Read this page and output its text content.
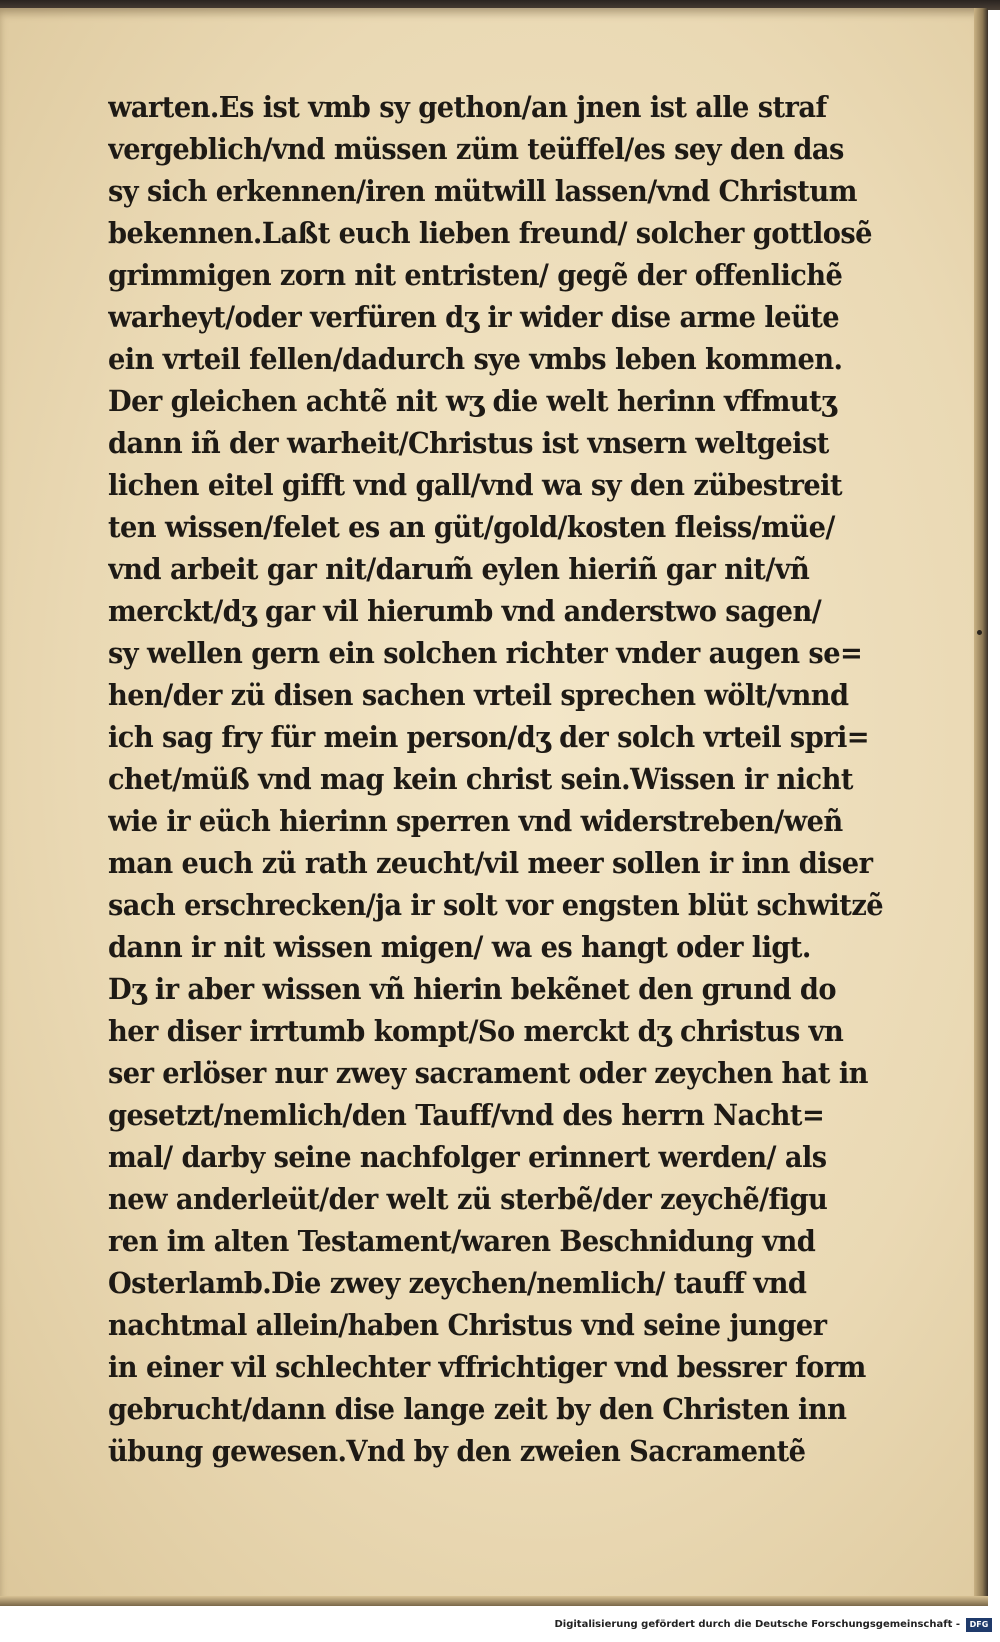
warten.Es ist vmb sy gethon/an jnen ist alle straf
vergeblich/vnd müssen züm teüffel/es sey den das
sy sich erkennen/iren mütwill lassen/vnd Christum
bekennen.Laßt euch lieben freund/ solcher gottlosẽ
grimmigen zorn nit entristen/ gegẽ der offenlichẽ
warheyt/oder verfüren dʒ ir wider dise arme leüte
ein vrteil fellen/dadurch sye vmbs leben kommen.
Der gleichen achtẽ nit wʒ die welt herinn vffmutʒ
dann iñ der warheit/Christus ist vnsern weltgeist
lichen eitel gifft vnd gall/vnd wa sy den zübestreit
ten wissen/felet es an güt/gold/kosten fleiss/müe/
vnd arbeit gar nit/darum̃ eylen hieriñ gar nit/vñ
merckt/dʒ gar vil hierumb vnd anderstwo sagen/
sy wellen gern ein solchen richter vnder augen se=
hen/der zü disen sachen vrteil sprechen wölt/vnnd
ich sag fry für mein person/dʒ der solch vrteil spri=
chet/müß vnd mag kein christ sein.Wissen ir nicht
wie ir eüch hierinn sperren vnd widerstreben/weñ
man euch zü rath zeucht/vil meer sollen ir inn diser
sach erschrecken/ja ir solt vor engsten blüt schwitzẽ
dann ir nit wissen migen/ wa es hangt oder ligt.
Dʒ ir aber wissen vñ hierin bekẽnet den grund do
her diser irrtumb kompt/So merckt dʒ christus vn
ser erlöser nur zwey sacrament oder zeychen hat in
gesetzt/nemlich/den Tauff/vnd des herrn Nacht=
mal/ darby seine nachfolger erinnert werden/ als
new anderleüt/der welt zü sterbẽ/der zeychẽ/figu
ren im alten Testament/waren Beschnidung vnd
Osterlamb.Die zwey zeychen/nemlich/ tauff vnd
nachtmal allein/haben Christus vnd seine junger
in einer vil schlechter vffrichtiger vnd bessrer form
gebrucht/dann dise lange zeit by den Christen inn
übung gewesen.Vnd by den zweien Sacramentẽ
Digitalisierung gefördert durch die Deutsche Forschungsgemeinschaft -	DFG
